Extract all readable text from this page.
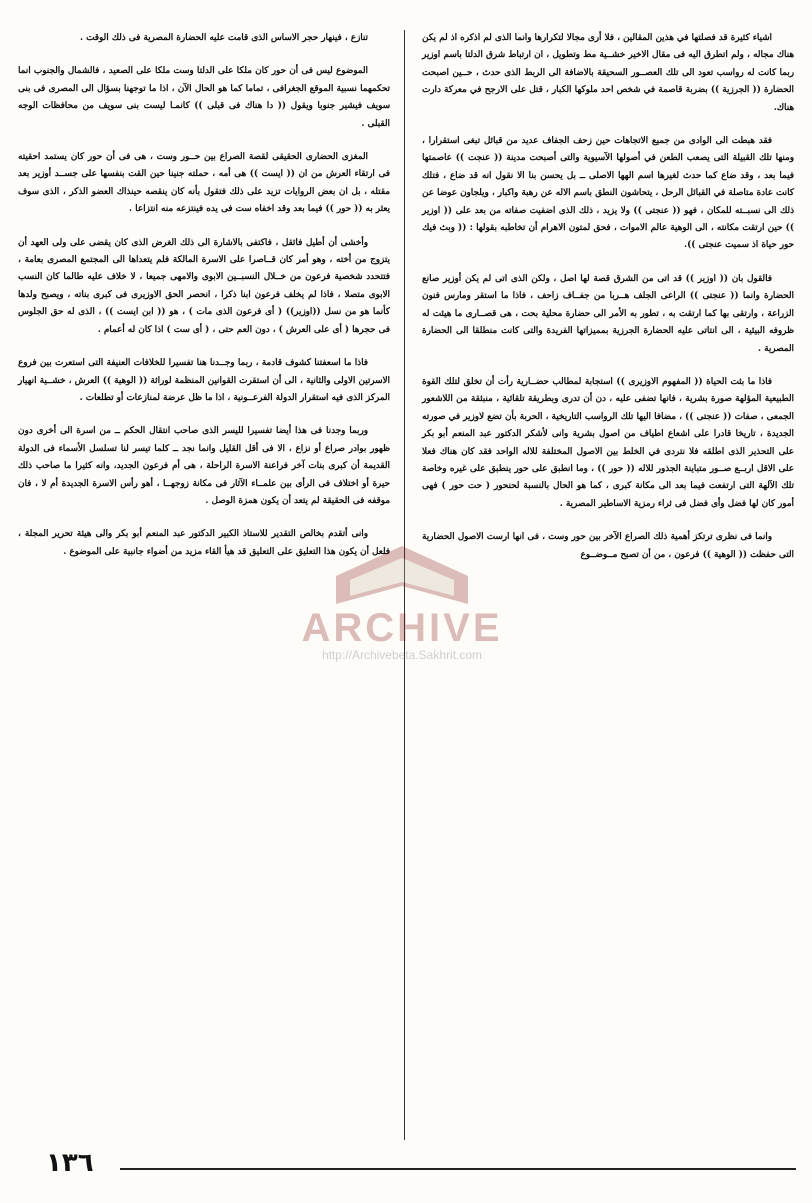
اشياء كثيرة قد فصلتها في هذين المقالين ، فلا أرى مجالا لتكرارها وانما الذى لم اذكره اذ لم يكن هناك مجاله ، ولم اتطرق اليه فى مقال الاخير خشــية مط وتطويل ، ان ارتباط شرق الدلتا باسم اوزير ربما كانت له رواسب تعود الى تلك العصــور السحيقة بالاضافة الى الربط الذى حدث ، حــين اصبحت الحضارة (( الجرزية )) بضربة قاصمة في شخص احد ملوكها الكبار ، قتل على الارجح في معركة دارت هناك.

فقد هبطت الى الوادى من جميع الاتجاهات حين زحف الجفاف عديد من قبائل تبغى استقرارا ، ومنها تلك القبيلة التى يصعب الطعن في أصولها الآسيوية والتى أصبحت مدينة (( عنجت )) عاصمتها فيما بعد ، وقد ضاع كما حدث لغيرها اسم الهها الاصلى ــ بل يحسن بنا الا نقول انه قد ضاع ، فتلك كانت عادة متاصلة في القبائل الرحل ، يتحاشون النطق باسم الاله عن رهبة واكبار ، ويلجاون عوضا عن ذلك الى نسبــته للمكان ، فهو (( عنجتى )) ولا يزيد ، ذلك الذى اضفيت صفاته من بعد على (( اوزير )) حين ارتقت مكانته ، الى الوهية عالم الاموات ، فحق لمتون الاهرام أن تخاطبه بقولها : (( وبث فيك حور حياة اذ سميت عنجتى )).

فالقول بان (( اوزير )) قد اتى من الشرق قصة لها اصل ، ولكن الذى اتى لم يكن أوزير صانع الحضارة وانما (( عنجتى )) الراعى الجلف هــربا من جفــاف زاحف ، فاذا ما استقر ومارس فنون الزراعة ، وارتقى بها كما ارتقت به ، تطور به الأمر الى حضارة محلية بحت ، هى قصــارى ما هيئت له ظروفه البيئية ، الى انتاتى عليه الحضارة الجرزية بمميزاتها الفريدة والتى كانت منطلقا الى الحضارة المصرية .

فاذا ما بثت الحياة (( المفهوم الاوزيرى )) استجابة لمطالب حضــارية رأت أن تخلق لتلك القوة الطبيعية المؤلهة صورة بشرية ، فانها تضفى عليه ، دن أن تدرى وبطريقة تلقائية ، منبثقة من اللاشعور الجمعى ، صفات (( عنجتى )) ، مضافا اليها تلك الرواسب التاريخية ، الحربة بأن تضع لاوزير في صورته الجديدة ، تاريخا قادرا على اشعاع اطياف من اصول بشرية وانى لأشكر الدكتور عبد المنعم أبو بكر على التحذير الذى اطلقه فلا نتردى في الخلط بين الاصول المختلفة للاله الواحد فقد كان هناك فعلا على الاقل اربــع صــور متباينة الجذور للاله (( حور )) ، وما انطبق على حور ينطبق على غيره وخاصة تلك الآلهة التى ارتفعت فيما بعد الى مكانة كبرى ، كما هو الحال بالنسبة لحنحور ( حت حور ) فهى أمور كان لها فضل وأى فضل فى ثراء رمزية الاساطير المصرية .

وانما فى نظرى ترتكز أهمية ذلك الصراع الآخر بين حور وست ، فى انها ارست الاصول الحضارية التى حفظت (( الوهية )) فرعون ، من أن تصبح مــوضــوع

تنازع ، فينهار حجر الاساس الذى قامت عليه الحضارة المصرية فى ذلك الوقت .

الموضوع ليس فى أن حور كان ملكا على الدلتا وست ملكا على الصعيد ، فالشمال والجنوب انما تحكمهما نسبية الموقع الجغرافى ، تماما كما هو الحال الآن ، اذا ما توجهنا بسؤال الى المصرى فى بنى سويف فيشير جنوبا ويقول (( دا هناك فى قبلى )) كانمـا ليست بنى سويف من محافظات الوجه القبلى .

المغزى الحضارى الحقيقى لقصة الصراع بين حــور وست ، هى فى أن حور كان يستمد احقيته فى ارتقاء العرش من ان (( ايست )) هى أمه ، حملته جنينا حين القت بنفسها على جســد أوزير بعد مقتله ، بل ان بعض الروايات تزيد على ذلك فتقول بأنه كان ينقصه حينذاك العضو الذكر ، الذى سوف يعثر به (( حور )) فيما بعد وقد اخفاه ست فى يده فينتزعه منه انتزاعا .

وأخشى أن أطيل فاثقل ، فاكتفى بالاشارة الى ذلك الغرض الذى كان يقضى على ولى العهد أن يتزوج من أخته ، وهو أمر كان قــاصرا على الاسرة المالكة فلم يتعداها الى المجتمع المصرى بعامة ، فتتحدد شخصية فرعون من خــلال النسبــين الابوى والامهى جميعا ، لا خلاف عليه طالما كان النسب الابوى متصلا ، فاذا لم يخلف فرعون ابنا ذكرا ، انحصر الحق الاوزيرى فى كبرى بناته ، ويصبح ولدها كأنما هو من نسل ((اوزير)) ( أى فرعون الذى مات ) ، هو (( ابن ايست )) ، الذى له حق الجلوس فى حجرها ( أى على العرش ) ، دون العم حتى ، ( أى ست ) اذا كان له أعمام .

فاذا ما اسعفتنا كشوف قادمة ، ربما وجــدنا هنا تفسيرا للخلافات العنيفة التى استعرت بين فروع الاسرتين الاولى والثانية ، الى أن استقرت القوانين المنظمة لوراثة (( الوهية )) العرش ، خشــية انهيار المركز الذى فيه استقرار الدولة الفرعــونية ، اذا ما ظل عرضة لمنازعات أو تطلعات .

وربما وجدنا فى هذا أيضا تفسيرا لليسر الذى صاحب انتقال الحكم ــ من اسرة الى أخرى دون ظهور بوادر صراع أو نزاع ، الا فى أقل القليل وانما نجد ــ كلما تيسر لنا تسلسل الأسماء فى الدولة القديمة أن كبرى بنات آخر فراعنة الاسرة الراحلة ، هى أم فرعون الجديد، وانه كثيرا ما صاحب ذلك حيرة أو اختلاف فى الرأى بين علمــاء الآثار فى مكانة زوجهــا ، أهو رأس الاسرة الجديدة أم لا ، فان موقفه فى الحقيقة لم يتعد أن يكون همزة الوصل .

وانى أتقدم بخالص التقدير للاستاذ الكبير الدكتور عبد المنعم أبو بكر والى هيئة تحرير المجلة ، فلعل أن يكون هذا التعليق على التعليق قد هيأ القاء مزيد من أضواء جانبية على الموضوع .

ARCHIVE
http://Archivebeta.Sakhrit.com
١٣٦
